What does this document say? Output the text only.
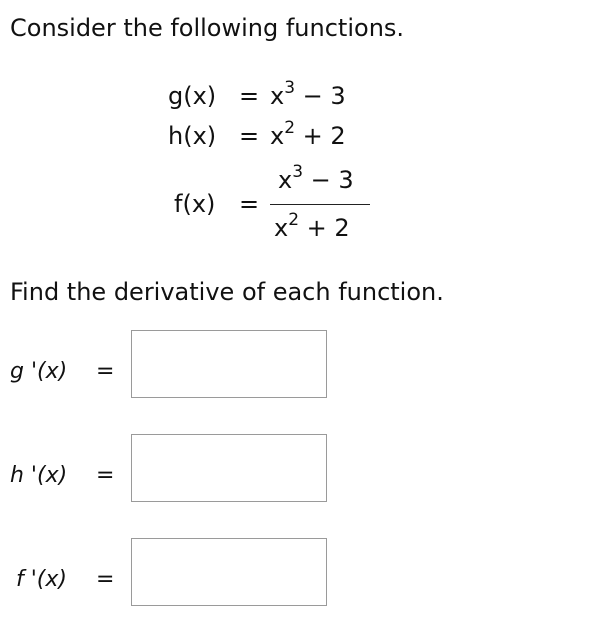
Consider the following functions.
$g(x) = x^3 - 3$
$h(x) = x^2 + 2$
f(x) =
$x^3 - 3$
$x^2 + 2$
Find the derivative of each function.
g '(x) =
h '(x) =
f '(x) =
